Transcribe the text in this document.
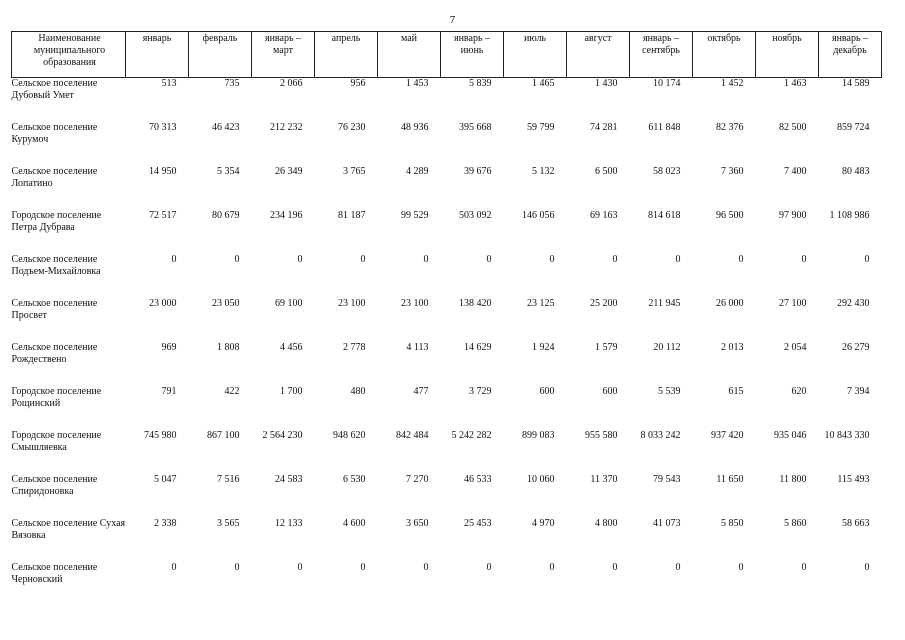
7
Наименование муниципального образования	январь	февраль	январь – март	апрель	май	январь – июнь	июль	август	январь – сентябрь	октябрь	ноябрь	январь – декабрь
Сельское поселение Дубовый Умет	513	735	2 066	956	1 453	5 839	1 465	1 430	10 174	1 452	1 463	14 589
Сельское поселение Курумоч	70 313	46 423	212 232	76 230	48 936	395 668	59 799	74 281	611 848	82 376	82 500	859 724
Сельское поселение Лопатино	14 950	5 354	26 349	3 765	4 289	39 676	5 132	6 500	58 023	7 360	7 400	80 483
Городское поселение Петра Дубрава	72 517	80 679	234 196	81 187	99 529	503 092	146 056	69 163	814 618	96 500	97 900	1 108 986
Сельское поселение Подъем-Михайловка	0	0	0	0	0	0	0	0	0	0	0	0
Сельское поселение Просвет	23 000	23 050	69 100	23 100	23 100	138 420	23 125	25 200	211 945	26 000	27 100	292 430
Сельское поселение Рождествено	969	1 808	4 456	2 778	4 113	14 629	1 924	1 579	20 112	2 013	2 054	26 279
Городское поселение Рощинский	791	422	1 700	480	477	3 729	600	600	5 539	615	620	7 394
Городское поселение Смышляевка	745 980	867 100	2 564 230	948 620	842 484	5 242 282	899 083	955 580	8 033 242	937 420	935 046	10 843 330
Сельское поселение Спиридоновка	5 047	7 516	24 583	6 530	7 270	46 533	10 060	11 370	79 543	11 650	11 800	115 493
Сельское поселение Сухая Вязовка	2 338	3 565	12 133	4 600	3 650	25 453	4 970	4 800	41 073	5 850	5 860	58 663
Сельское поселение Черновский	0	0	0	0	0	0	0	0	0	0	0	0
